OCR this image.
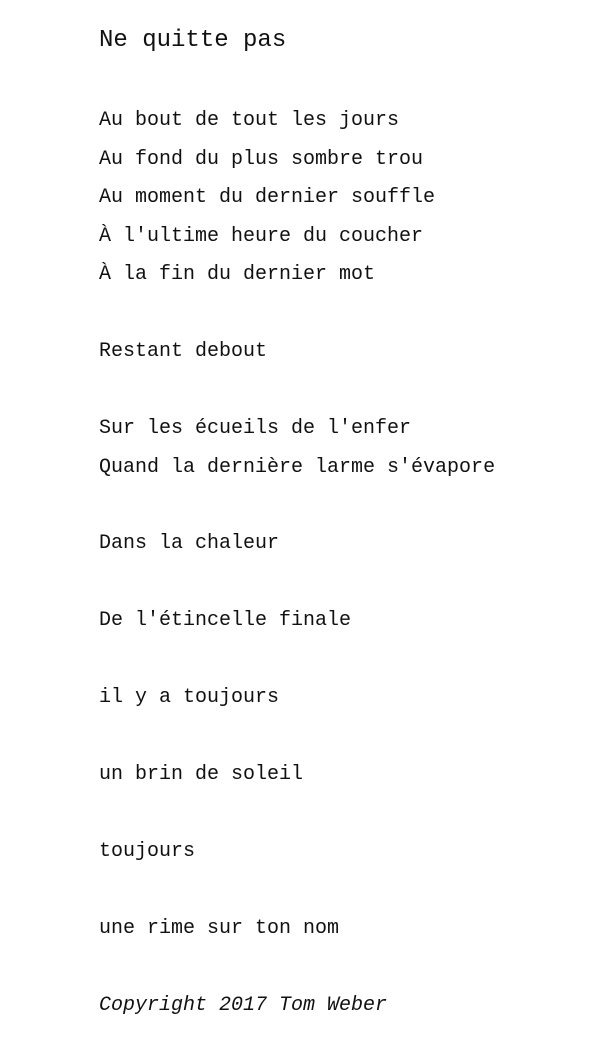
Ne quitte pas
Au bout de tout les jours
Au fond du plus sombre trou
Au moment du dernier souffle
À l'ultime heure du coucher
À la fin du dernier mot
Restant debout
Sur les écueils de l'enfer
Quand la dernière larme s'évapore
Dans la chaleur
De l'étincelle finale
il y a toujours
un brin de soleil
toujours
une rime sur ton nom
Copyright 2017 Tom Weber
